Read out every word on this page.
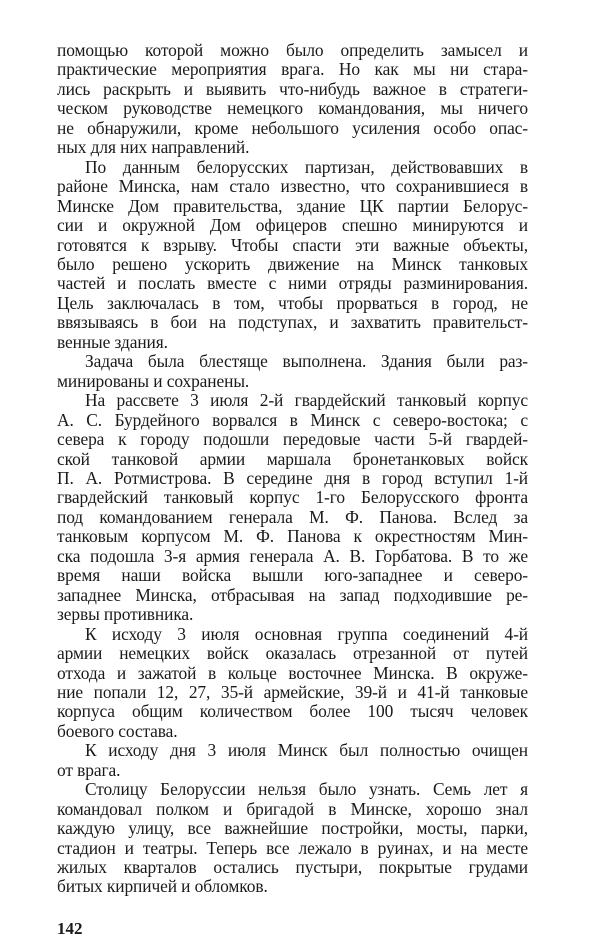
помощью которой можно было определить замысел и
практические мероприятия врага. Но как мы ни стара-
лись раскрыть и выявить что-нибудь важное в стратеги-
ческом руководстве немецкого командования, мы ничего
не обнаружили, кроме небольшого усиления особо опас-
ных для них направлений.
По данным белорусских партизан, действовавших в
районе Минска, нам стало известно, что сохранившиеся в
Минске Дом правительства, здание ЦК партии Белорус-
сии и окружной Дом офицеров спешно минируются и
готовятся к взрыву. Чтобы спасти эти важные объекты,
было решено ускорить движение на Минск танковых
частей и послать вместе с ними отряды разминирования.
Цель заключалась в том, чтобы прорваться в город, не
ввязываясь в бои на подступах, и захватить правительст-
венные здания.
Задача была блестяще выполнена. Здания были раз-
минированы и сохранены.
На рассвете 3 июля 2-й гвардейский танковый корпус
А. С. Бурдейного ворвался в Минск с северо-востока; с
севера к городу подошли передовые части 5-й гвардей-
ской танковой армии маршала бронетанковых войск
П. А. Ротмистрова. В середине дня в город вступил 1-й
гвардейский танковый корпус 1-го Белорусского фронта
под командованием генерала М. Ф. Панова. Вслед за
танковым корпусом М. Ф. Панова к окрестностям Мин-
ска подошла 3-я армия генерала А. В. Горбатова. В то же
время наши войска вышли юго-западнее и северо-
западнее Минска, отбрасывая на запад подходившие ре-
зервы противника.
К исходу 3 июля основная группа соединений 4-й
армии немецких войск оказалась отрезанной от путей
отхода и зажатой в кольце восточнее Минска. В окруже-
ние попали 12, 27, 35-й армейские, 39-й и 41-й танковые
корпуса общим количеством более 100 тысяч человек
боевого состава.
К исходу дня 3 июля Минск был полностью очищен
от врага.
Столицу Белоруссии нельзя было узнать. Семь лет я
командовал полком и бригадой в Минске, хорошо знал
каждую улицу, все важнейшие постройки, мосты, парки,
стадион и театры. Теперь все лежало в руинах, и на месте
жилых кварталов остались пустыри, покрытые грудами
битых кирпичей и обломков.
142
